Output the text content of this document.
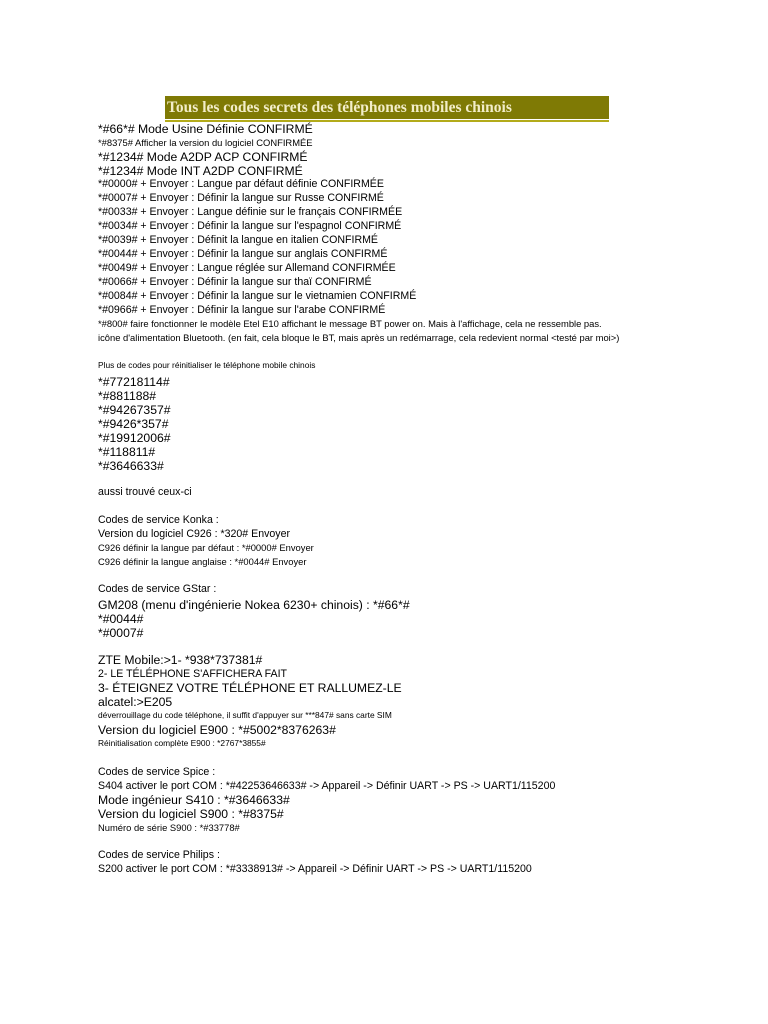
Tous les codes secrets des téléphones mobiles chinois
*#66*# Mode Usine Définie CONFIRMÉ
*#8375# Afficher la version du logiciel CONFIRMÉE
*#1234# Mode A2DP ACP CONFIRMÉ
*#1234# Mode INT A2DP CONFIRMÉ
*#0000# + Envoyer : Langue par défaut définie CONFIRMÉE
*#0007# + Envoyer : Définir la langue sur Russe CONFIRMÉ
*#0033# + Envoyer : Langue définie sur le français CONFIRMÉE
*#0034# + Envoyer : Définir la langue sur l'espagnol CONFIRMÉ
*#0039# + Envoyer : Définit la langue en italien CONFIRMÉ
*#0044# + Envoyer : Définir la langue sur anglais CONFIRMÉ
*#0049# + Envoyer : Langue réglée sur Allemand CONFIRMÉE
*#0066# + Envoyer : Définir la langue sur thaï CONFIRMÉ
*#0084# + Envoyer : Définir la langue sur le vietnamien CONFIRMÉ
*#0966# + Envoyer : Définir la langue sur l'arabe CONFIRMÉ
*#800# faire fonctionner le modèle Etel E10 affichant le message BT power on. Mais à l'affichage, cela ne ressemble pas.
icône d'alimentation Bluetooth. (en fait, cela bloque le BT, mais après un redémarrage, cela redevient normal <testé par moi>)
Plus de codes pour réinitialiser le téléphone mobile chinois
*#77218114#
*#881188#
*#94267357#
*#9426*357#
*#19912006#
*#118811#
*#3646633#
aussi trouvé ceux-ci
Codes de service Konka :
Version du logiciel C926 : *320# Envoyer
C926 définir la langue par défaut : *#0000# Envoyer
C926 définir la langue anglaise : *#0044# Envoyer
Codes de service GStar :
GM208 (menu d'ingénierie Nokea 6230+ chinois) : *#66*#
*#0044#
*#0007#
ZTE Mobile:>1- *938*737381#
2- LE TÉLÉPHONE S'AFFICHERA FAIT
3- ÉTEIGNEZ VOTRE TÉLÉPHONE ET RALLUMEZ-LE
alcatel:>E205
déverrouillage du code téléphone, il suffit d'appuyer sur ***847# sans carte SIM
Version du logiciel E900 : *#5002*8376263#
Réinitialisation complète E900 : *2767*3855#
Codes de service Spice :
S404 activer le port COM : *#42253646633# -> Appareil -> Définir UART -> PS -> UART1/115200
Mode ingénieur S410 : *#3646633#
Version du logiciel S900 : *#8375#
Numéro de série S900 : *#33778#
Codes de service Philips :
S200 activer le port COM : *#3338913# -> Appareil -> Définir UART -> PS -> UART1/115200
